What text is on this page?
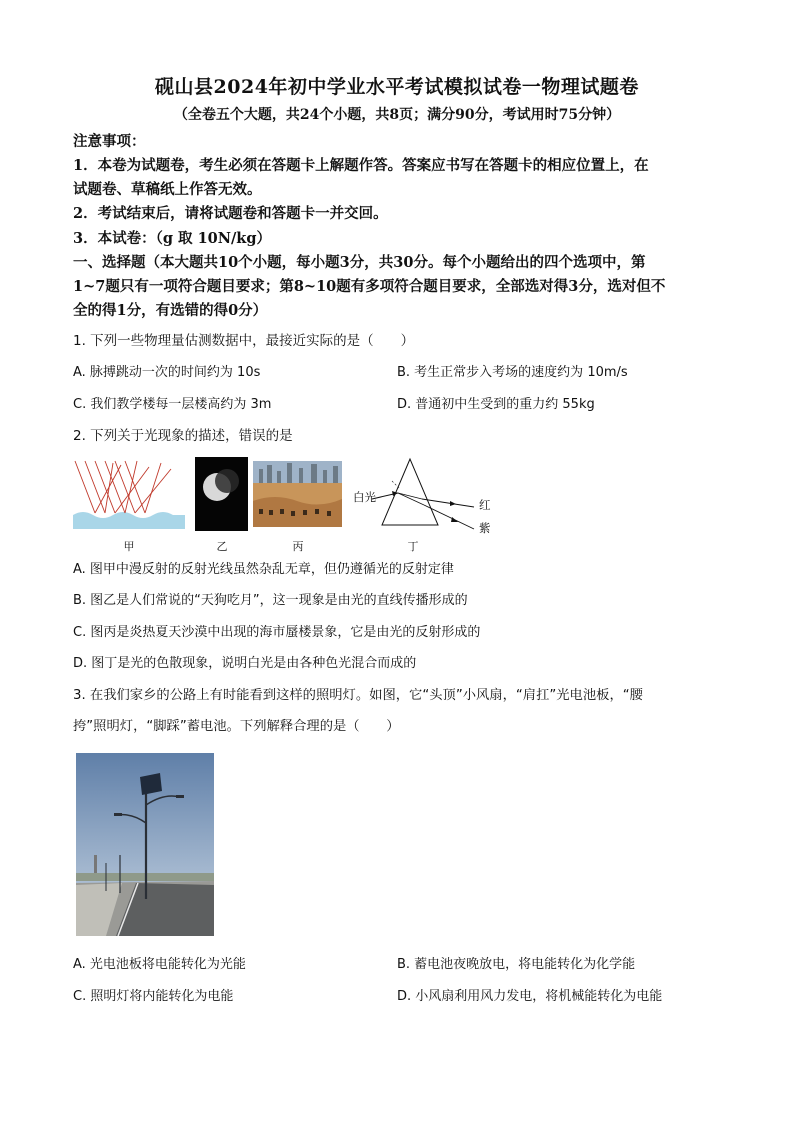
砚山县2024年初中学业水平考试模拟试卷一物理试题卷
（全卷五个大题，共24个小题，共8页；满分90分，考试用时75分钟）
注意事项：
1．本卷为试题卷，考生必须在答题卡上解题作答。答案应书写在答题卡的相应位置上，在
试题卷、草稿纸上作答无效。
2．考试结束后，请将试题卷和答题卡一并交回。
3．本试卷：（g 取 10N/kg）
一、选择题（本大题共10个小题，每小题3分，共30分。每个小题给出的四个选项中，第
1~7题只有一项符合题目要求；第8~10题有多项符合题目要求，全部选对得3分，选对但不
全的得1分，有选错的得0分）
1. 下列一些物理量估测数据中，最接近实际的是（　　）
A. 脉搏跳动一次的时间约为 10s	B. 考生正常步入考场的速度约为 10m/s
C. 我们教学楼每一层楼高约为 3m	D. 普通初中生受到的重力约 55kg
2. 下列关于光现象的描述，错误的是
甲	乙	丙
白光
红
紫
丁
A. 图甲中漫反射的反射光线虽然杂乱无章，但仍遵循光的反射定律
B. 图乙是人们常说的“天狗吃月”，这一现象是由光的直线传播形成的
C. 图丙是炎热夏天沙漠中出现的海市蜃楼景象，它是由光的反射形成的
D. 图丁是光的色散现象，说明白光是由各种色光混合而成的
3. 在我们家乡的公路上有时能看到这样的照明灯。如图，它“头顶”小风扇，“肩扛”光电池板，“腰
挎”照明灯，“脚踩”蓄电池。下列解释合理的是（　　）
A. 光电池板将电能转化为光能	B. 蓄电池夜晚放电，将电能转化为化学能
C. 照明灯将内能转化为电能	D. 小风扇利用风力发电，将机械能转化为电能
